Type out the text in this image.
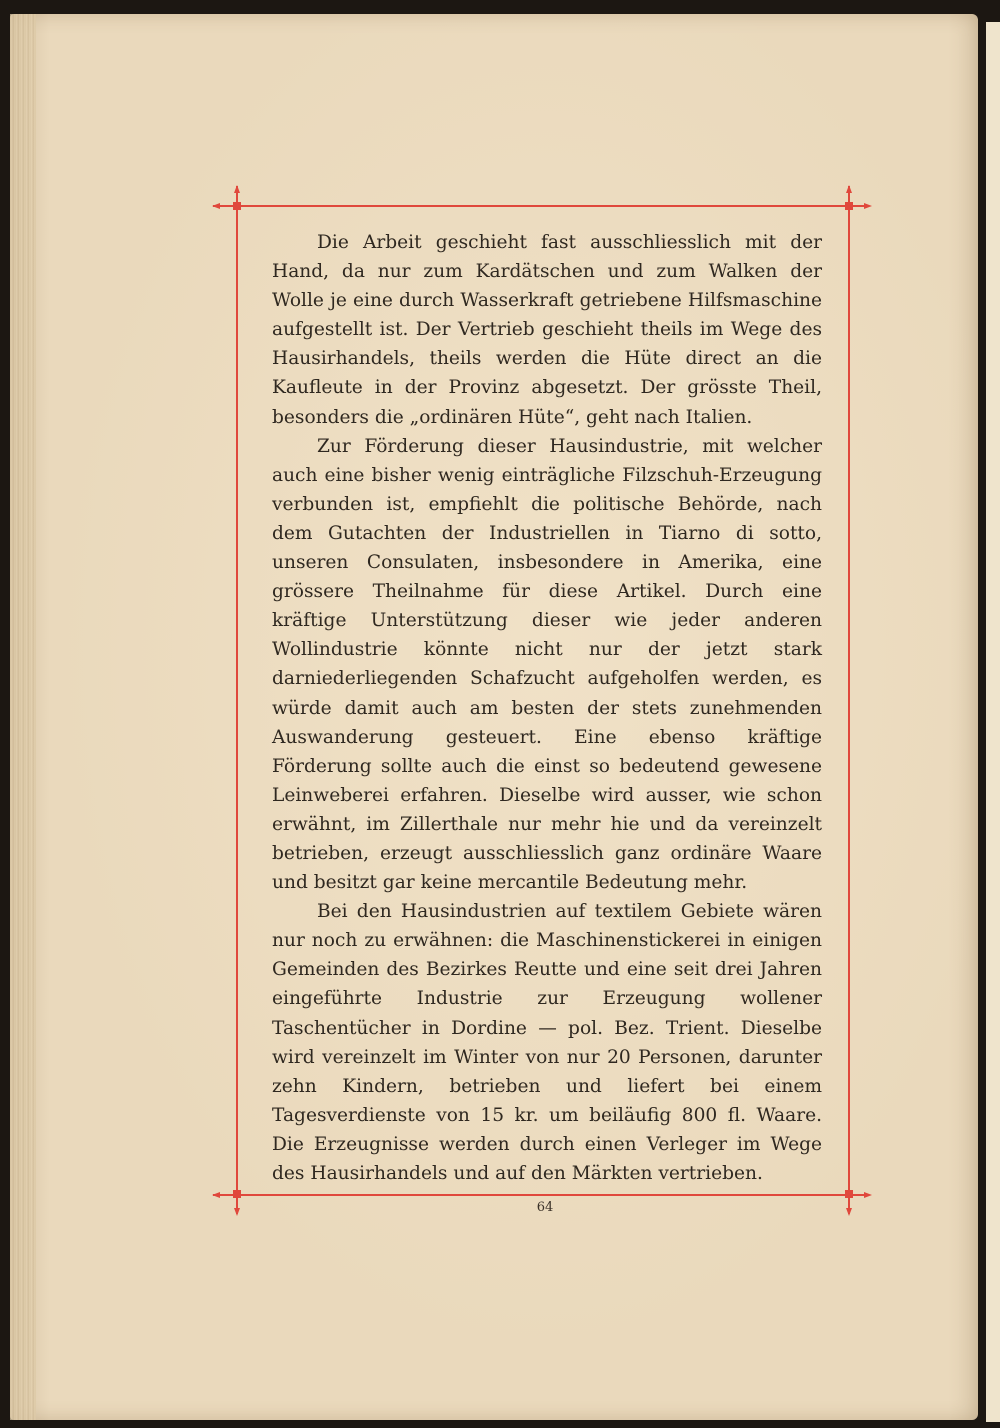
Die Arbeit geschieht fast ausschliesslich mit der Hand, da nur zum Kardätschen und zum Walken der Wolle je eine durch Wasserkraft getriebene Hilfsmaschine aufgestellt ist. Der Vertrieb geschieht theils im Wege des Hausirhandels, theils werden die Hüte direct an die Kaufleute in der Provinz abgesetzt. Der grösste Theil, besonders die „ordinären Hüte“, geht nach Italien.

Zur Förderung dieser Hausindustrie, mit welcher auch eine bisher wenig einträgliche Filzschuh-Erzeugung verbunden ist, empfiehlt die politische Behörde, nach dem Gutachten der Industriellen in Tiarno di sotto, unseren Consulaten, insbesondere in Amerika, eine grössere Theilnahme für diese Artikel. Durch eine kräftige Unterstützung dieser wie jeder anderen Wollindustrie könnte nicht nur der jetzt stark darniederliegenden Schafzucht aufgeholfen werden, es würde damit auch am besten der stets zunehmenden Auswanderung gesteuert. Eine ebenso kräftige Förderung sollte auch die einst so bedeutend gewesene Leinweberei erfahren. Dieselbe wird ausser, wie schon erwähnt, im Zillerthale nur mehr hie und da vereinzelt betrieben, erzeugt ausschliesslich ganz ordinäre Waare und besitzt gar keine mercantile Bedeutung mehr.

Bei den Hausindustrien auf textilem Gebiete wären nur noch zu erwähnen: die Maschinenstickerei in einigen Gemeinden des Bezirkes Reutte und eine seit drei Jahren eingeführte Industrie zur Erzeugung wollener Taschentücher in Dordine — pol. Bez. Trient. Dieselbe wird vereinzelt im Winter von nur 20 Personen, darunter zehn Kindern, betrieben und liefert bei einem Tagesverdienste von 15 kr. um beiläufig 800 fl. Waare. Die Erzeugnisse werden durch einen Verleger im Wege des Hausirhandels und auf den Märkten vertrieben.

64
